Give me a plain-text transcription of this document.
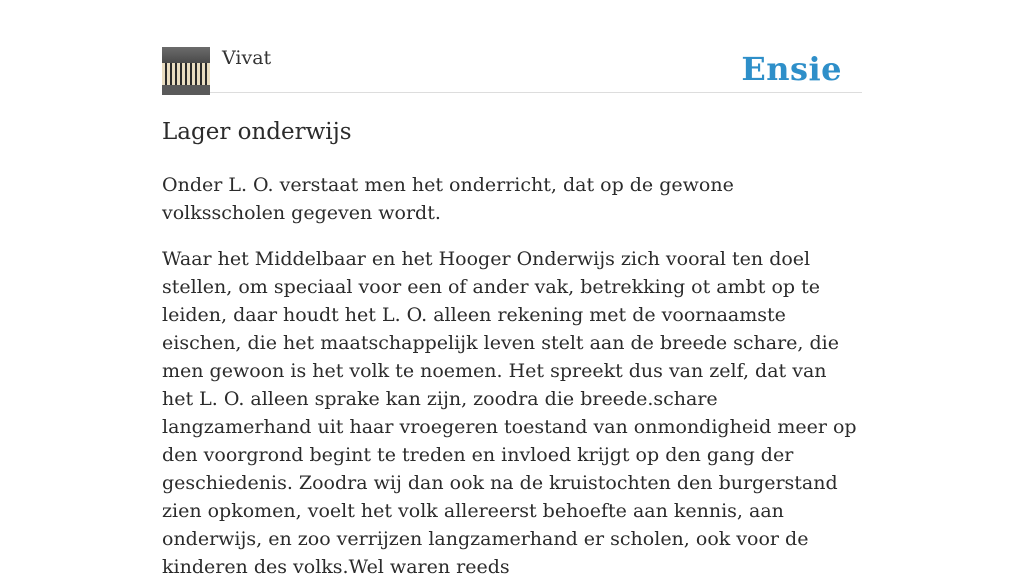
Vivat	Ensie
Lager onderwijs

Onder L. O. verstaat men het onderricht, dat op de gewone volksscholen gegeven wordt.

Waar het Middelbaar en het Hooger Onderwijs zich vooral ten doel stellen, om speciaal voor een of ander vak, betrekking ot ambt op te leiden, daar houdt het L. O. alleen rekening met de voornaamste eischen, die het maatschappelijk leven stelt aan de breede schare, die men gewoon is het volk te noemen. Het spreekt dus van zelf, dat van het L. O. alleen sprake kan zijn, zoodra die breede.schare langzamerhand uit haar vroegeren toestand van onmondigheid meer op den voorgrond begint te treden en invloed krijgt op den gang der geschiedenis. Zoodra wij dan ook na de kruistochten den burgerstand zien opkomen, voelt het volk allereerst behoefte aan kennis, aan onderwijs, en zoo verrijzen langzamerhand er scholen, ook voor de kinderen des volks.Wel waren reeds
